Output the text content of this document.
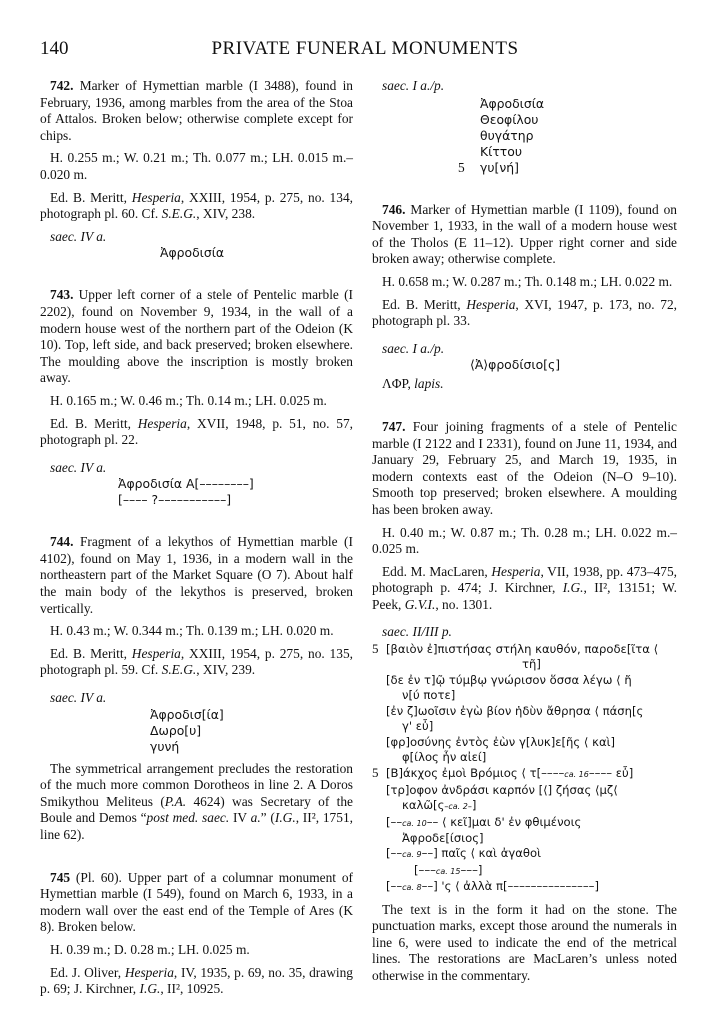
140	PRIVATE FUNERAL MONUMENTS

742. Marker of Hymettian marble (I 3488), found in February, 1936, among marbles from the area of the Stoa of Attalos. Broken below; otherwise complete except for chips.

H. 0.255 m.; W. 0.21 m.; Th. 0.077 m.; LH. 0.015 m.–0.020 m.

Ed. B. Meritt, Hesperia, XXIII, 1954, p. 275, no. 134, photograph pl. 60. Cf. S.E.G., XIV, 238.

saec. IV a.
Ἀφροδισία

743. Upper left corner of a stele of Pentelic marble (I 2202), found on November 9, 1934, in the wall of a modern house west of the northern part of the Odeion (K 10). Top, left side, and back preserved; broken elsewhere. The moulding above the inscription is mostly broken away.

H. 0.165 m.; W. 0.46 m.; Th. 0.14 m.; LH. 0.025 m.

Ed. B. Meritt, Hesperia, XVII, 1948, p. 51, no. 57, photograph pl. 22.

saec. IV a.
Ἀφροδισία A[––––––––]
[–––– ?–––––––––––]

744. Fragment of a lekythos of Hymettian marble (I 4102), found on May 1, 1936, in a modern wall in the northeastern part of the Market Square (O 7). About half the main body of the lekythos is preserved, broken vertically.

H. 0.43 m.; W. 0.344 m.; Th. 0.139 m.; LH. 0.020 m.

Ed. B. Meritt, Hesperia, XXIII, 1954, p. 275, no. 135, photograph pl. 59. Cf. S.E.G., XIV, 239.

saec. IV a.
Ἀφροδισ[ία]
Δωρο[υ]
γυνή

The symmetrical arrangement precludes the restoration of the much more common Dorotheos in line 2. A Doros Smikythou Meliteus (P.A. 4624) was Secretary of the Boule and Demos “post med. saec. IV a.” (I.G., II², 1751, line 62).

745 (Pl. 60). Upper part of a columnar monument of Hymettian marble (I 549), found on March 6, 1933, in a modern wall over the east end of the Temple of Ares (K 8). Broken below.

H. 0.39 m.; D. 0.28 m.; LH. 0.025 m.

Ed. J. Oliver, Hesperia, IV, 1935, p. 69, no. 35, drawing p. 69; J. Kirchner, I.G., II², 10925.

saec. I a./p.
Ἀφροδισία
Θεοφίλου
θυγάτηρ
Κίττου
5 γυ[νή]

746. Marker of Hymettian marble (I 1109), found on November 1, 1933, in the wall of a modern house west of the Tholos (E 11–12). Upper right corner and side broken away; otherwise complete.

H. 0.658 m.; W. 0.287 m.; Th. 0.148 m.; LH. 0.022 m.

Ed. B. Meritt, Hesperia, XVI, 1947, p. 173, no. 72, photograph pl. 33.

saec. I a./p.
⟨Ἀ⟩φροδίσιο[ς]
ΛΦΡ, lapis.

747. Four joining fragments of a stele of Pentelic marble (I 2122 and I 2331), found on June 11, 1934, and January 29, February 25, and March 19, 1935, in modern contexts east of the Odeion (N–O 9–10). Smooth top preserved; broken elsewhere. A moulding has been broken away.

H. 0.40 m.; W. 0.87 m.; Th. 0.28 m.; LH. 0.022 m.–0.025 m.

Edd. M. MacLaren, Hesperia, VII, 1938, pp. 473–475, photograph p. 474; J. Kirchner, I.G., II², 13151; W. Peek, G.V.I., no. 1301.

saec. II/III p.
5 [βαιὸν ἐ]πιστήσας στήλη καυθόν, παροδε[ῖτα ⟨
τῆ]
[δε ἐν τ]ῷ τύμβῳ γνώρισον ὅσσα λέγω ⟨ ἤ
ν[ύ ποτε]
[ἐν ζ]ωοῖσιν ἐγὼ βίον ἡδὺν ἄθρησα ⟨ πάση[ς
γ' εὖ]
[φρ]οσύνης ἐντὸς ἐὼν γ[λυκ]ε[ῆς ⟨ καὶ]
φ[ίλος ἦν αἰεί]
5 [Β]άκχος ἐμοὶ Βρόμιος ⟨ τ[––––ca. 16–––– εὖ]
[τρ]οφον ἀνδράσι καρπόν [⟨] ζήσας ⟨μζ⟨
καλῶ[ς–ca. 2–]
[––ca. 10–– ⟨ κεῖ]μαι δ' ἐν φθιμένοις
Ἀφροδε[ίσιος]
[––ca. 9––] παῖς ⟨ καὶ ἀγαθοὶ
[–––ca. 15–––]
[––ca. 8––] 'ς ⟨ ἀλλὰ π[–––––––––––––––]

The text is in the form it had on the stone. The punctuation marks, except those around the numerals in line 6, were used to indicate the end of the metrical lines. The restorations are MacLaren’s unless noted otherwise in the commentary.
